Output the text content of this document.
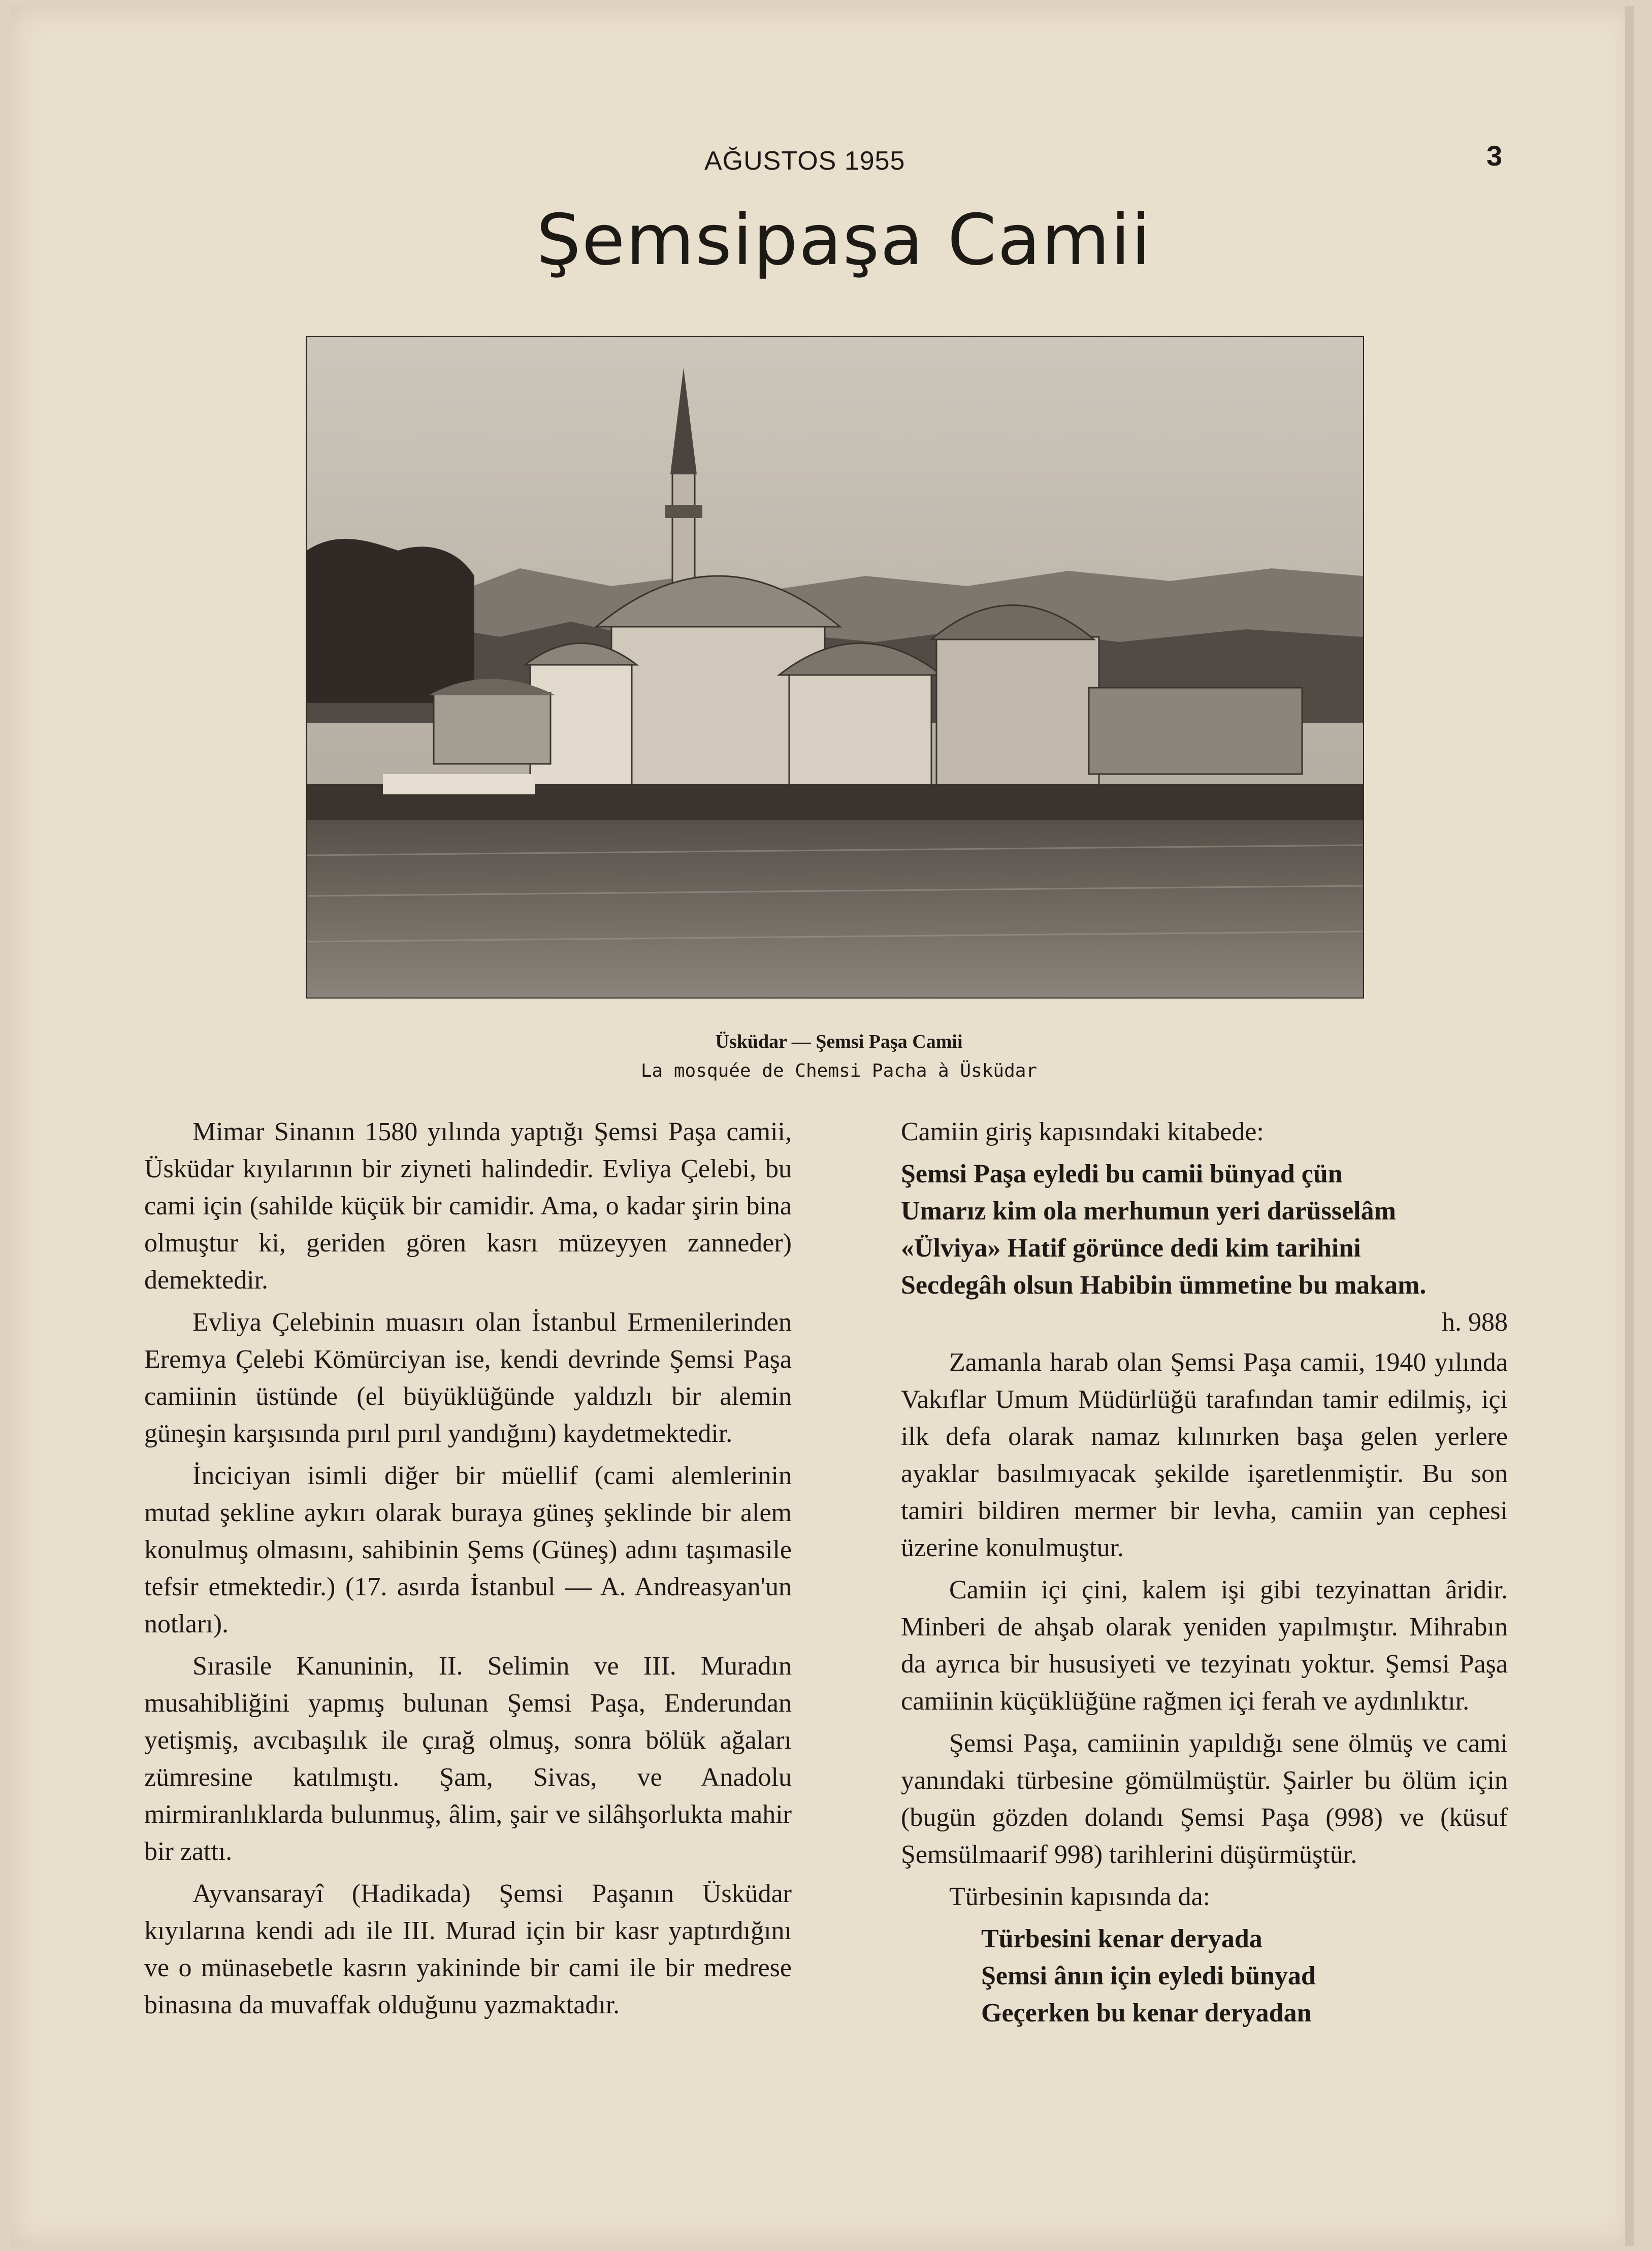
AĞUSTOS 1955	3
Şemsipaşa Camii
Üsküdar — Şemsi Paşa Camii
La mosquée de Chemsi Pacha à Üsküdar

Mimar Sinanın 1580 yılında yaptığı Şemsi Paşa camii, Üsküdar kıyılarının bir ziyneti halindedir. Evliya Çelebi, bu cami için (sahilde küçük bir camidir. Ama, o kadar şirin bina olmuştur ki, geriden gören kasrı müzeyyen zanneder) demektedir.

Evliya Çelebinin muasırı olan İstanbul Ermenilerinden Eremya Çelebi Kömürciyan ise, kendi devrinde Şemsi Paşa camiinin üstünde (el büyüklüğünde yaldızlı bir alemin güneşin karşısında pırıl pırıl yandığını) kaydetmektedir.

İnciciyan isimli diğer bir müellif (cami alemlerinin mutad şekline aykırı olarak buraya güneş şeklinde bir alem konulmuş olmasını, sahibinin Şems (Güneş) adını taşımasile tefsir etmektedir.) (17. asırda İstanbul — A. Andreasyan'un notları).

Sırasile Kanuninin, II. Selimin ve III. Muradın musahibliğini yapmış bulunan Şemsi Paşa, Enderundan yetişmiş, avcıbaşılık ile çırağ olmuş, sonra bölük ağaları zümresine katılmıştı. Şam, Sivas, ve Anadolu mirmiranlıklarda bulunmuş, âlim, şair ve silâhşorlukta mahir bir zattı.

Ayvansarayî (Hadikada) Şemsi Paşanın Üsküdar kıyılarına kendi adı ile III. Murad için bir kasr yaptırdığını ve o münasebetle kasrın yakininde bir cami ile bir medrese binasına da muvaffak olduğunu yazmaktadır.

Camiin giriş kapısındaki kitabede:

Şemsi Paşa eyledi bu camii bünyad çün
Umarız kim ola merhumun yeri darüsselâm
«Ülviya» Hatif görünce dedi kim tarihini
Secdegâh olsun Habibin ümmetine bu makam.
h. 988

Zamanla harab olan Şemsi Paşa camii, 1940 yılında Vakıflar Umum Müdürlüğü tarafından tamir edilmiş, içi ilk defa olarak namaz kılınırken başa gelen yerlere ayaklar basılmıyacak şekilde işaretlenmiştir. Bu son tamiri bildiren mermer bir levha, camiin yan cephesi üzerine konulmuştur.

Camiin içi çini, kalem işi gibi tezyinattan âridir. Minberi de ahşab olarak yeniden yapılmıştır. Mihrabın da ayrıca bir hususiyeti ve tezyinatı yoktur. Şemsi Paşa camiinin küçüklüğüne rağmen içi ferah ve aydınlıktır.

Şemsi Paşa, camiinin yapıldığı sene ölmüş ve cami yanındaki türbesine gömülmüştür. Şairler bu ölüm için (bugün gözden dolandı Şemsi Paşa (998) ve (küsuf Şemsülmaarif 998) tarihlerini düşürmüştür.

Türbesinin kapısında da:

Türbesini kenar deryada
Şemsi ânın için eyledi bünyad
Geçerken bu kenar deryadan
